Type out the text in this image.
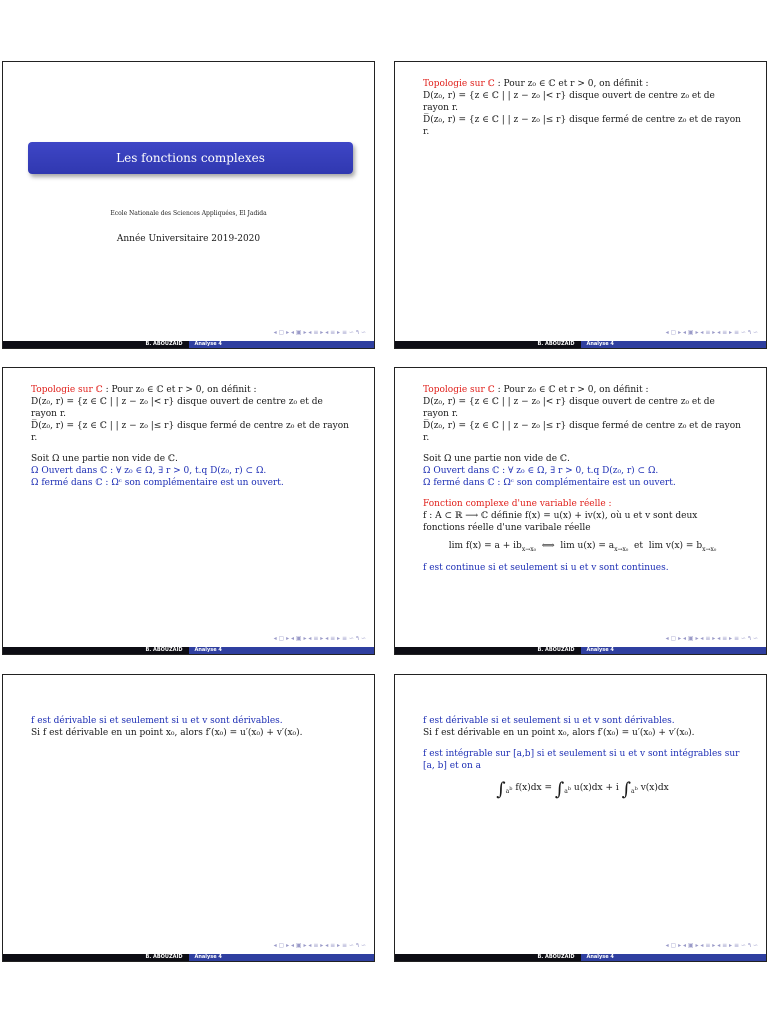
Les fonctions complexes
Ecole Nationale des Sciences Appliquées, El Jadida
Année Universitaire 2019-2020
◂ ▢ ▸ ◂ ▣ ▸ ◂ ≡ ▸ ◂ ≡ ▸ ≡ ∽ ۹ ∽
B. ABOUZAID	Analyse 4

Topologie sur ℂ : Pour z₀ ∈ ℂ et r > 0, on définit :

D(z₀, r) = {z ∈ ℂ | | z − z₀ |< r} disque ouvert de centre z₀ et de rayon r.

D̅(z₀, r) = {z ∈ ℂ | | z − z₀ |≤ r} disque fermé de centre z₀ et de rayon r.

◂ ▢ ▸ ◂ ▣ ▸ ◂ ≡ ▸ ◂ ≡ ▸ ≡ ∽ ۹ ∽
B. ABOUZAID	Analyse 4

Topologie sur ℂ : Pour z₀ ∈ ℂ et r > 0, on définit :

D(z₀, r) = {z ∈ ℂ | | z − z₀ |< r} disque ouvert de centre z₀ et de rayon r.

D̅(z₀, r) = {z ∈ ℂ | | z − z₀ |≤ r} disque fermé de centre z₀ et de rayon r.

Soit Ω une partie non vide de ℂ.

Ω Ouvert dans ℂ : ∀ z₀ ∈ Ω, ∃ r > 0, t.q D(z₀, r) ⊂ Ω.

Ω fermé dans ℂ : Ωᶜ son complémentaire est un ouvert.

◂ ▢ ▸ ◂ ▣ ▸ ◂ ≡ ▸ ◂ ≡ ▸ ≡ ∽ ۹ ∽
B. ABOUZAID	Analyse 4

Topologie sur ℂ : Pour z₀ ∈ ℂ et r > 0, on définit :

D(z₀, r) = {z ∈ ℂ | | z − z₀ |< r} disque ouvert de centre z₀ et de rayon r.

D̅(z₀, r) = {z ∈ ℂ | | z − z₀ |≤ r} disque fermé de centre z₀ et de rayon r.

Soit Ω une partie non vide de ℂ.

Ω Ouvert dans ℂ : ∀ z₀ ∈ Ω, ∃ r > 0, t.q D(z₀, r) ⊂ Ω.

Ω fermé dans ℂ : Ωᶜ son complémentaire est un ouvert.

Fonction complexe d'une variable réelle :

f : A ⊂ ℝ ⟶ ℂ définie f(x) = u(x) + iv(x), où u et v sont deux fonctions réelle d'une varibale réelle

$\lim f(x) = a + ib_{x\to x_0}$ ⟺ $\lim u(x) = a_{x\to x_0}$ et $\lim v(x) = b_{x\to x_0}$

f est continue si et seulement si u et v sont continues.

◂ ▢ ▸ ◂ ▣ ▸ ◂ ≡ ▸ ◂ ≡ ▸ ≡ ∽ ۹ ∽
B. ABOUZAID	Analyse 4

f est dérivable si et seulement si u et v sont dérivables.

Si f est dérivable en un point x₀, alors f′(x₀) = u′(x₀) + v′(x₀).

◂ ▢ ▸ ◂ ▣ ▸ ◂ ≡ ▸ ◂ ≡ ▸ ≡ ∽ ۹ ∽
B. ABOUZAID	Analyse 4

f est dérivable si et seulement si u et v sont dérivables.

Si f est dérivable en un point x₀, alors f′(x₀) = u′(x₀) + v′(x₀).

f est intégrable sur [a,b] si et seulement si u et v sont intégrables sur [a, b] et on a

$\int_{a^b}$ $f(x)dx = \int_{a^b}$ u(x)dx + i $\int_{a^b}$ v(x)dx
◂ ▢ ▸ ◂ ▣ ▸ ◂ ≡ ▸ ◂ ≡ ▸ ≡ ∽ ۹ ∽
B. ABOUZAID	Analyse 4
